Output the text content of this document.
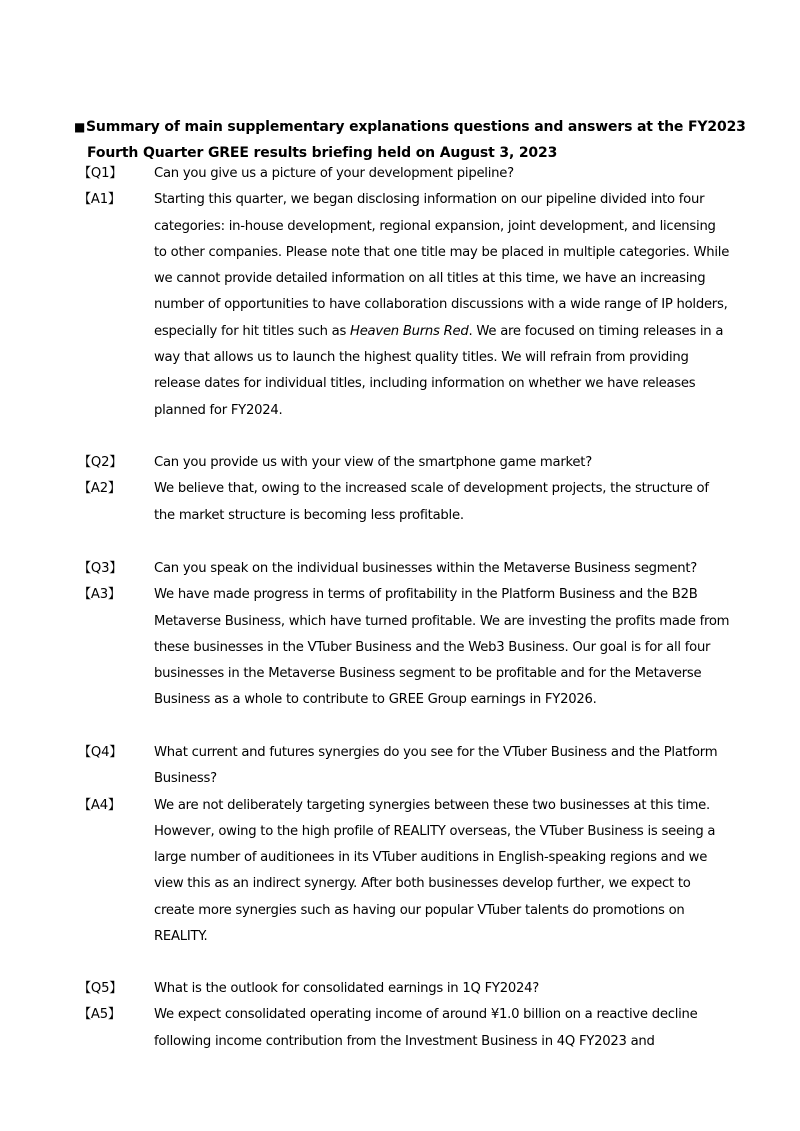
■Summary of main supplementary explanations questions and answers at the FY2023
Fourth Quarter GREE results briefing held on August 3, 2023
【Q1】	Can you give us a picture of your development pipeline?
【A1】	Starting this quarter, we began disclosing information on our pipeline divided into four categories: in-house development, regional expansion, joint development, and licensing to other companies. Please note that one title may be placed in multiple categories. While we cannot provide detailed information on all titles at this time, we have an increasing number of opportunities to have collaboration discussions with a wide range of IP holders, especially for hit titles such as Heaven Burns Red. We are focused on timing releases in a way that allows us to launch the highest quality titles. We will refrain from providing release dates for individual titles, including information on whether we have releases planned for FY2024.
【Q2】	Can you provide us with your view of the smartphone game market?
【A2】	We believe that, owing to the increased scale of development projects, the structure of the market structure is becoming less profitable.
【Q3】	Can you speak on the individual businesses within the Metaverse Business segment?
【A3】	We have made progress in terms of profitability in the Platform Business and the B2B Metaverse Business, which have turned profitable. We are investing the profits made from these businesses in the VTuber Business and the Web3 Business. Our goal is for all four businesses in the Metaverse Business segment to be profitable and for the Metaverse Business as a whole to contribute to GREE Group earnings in FY2026.
【Q4】	What current and futures synergies do you see for the VTuber Business and the Platform Business?
【A4】	We are not deliberately targeting synergies between these two businesses at this time. However, owing to the high profile of REALITY overseas, the VTuber Business is seeing a large number of auditionees in its VTuber auditions in English-speaking regions and we view this as an indirect synergy. After both businesses develop further, we expect to create more synergies such as having our popular VTuber talents do promotions on REALITY.
【Q5】	What is the outlook for consolidated earnings in 1Q FY2024?
【A5】	We expect consolidated operating income of around ¥1.0 billion on a reactive decline following income contribution from the Investment Business in 4Q FY2023 and
